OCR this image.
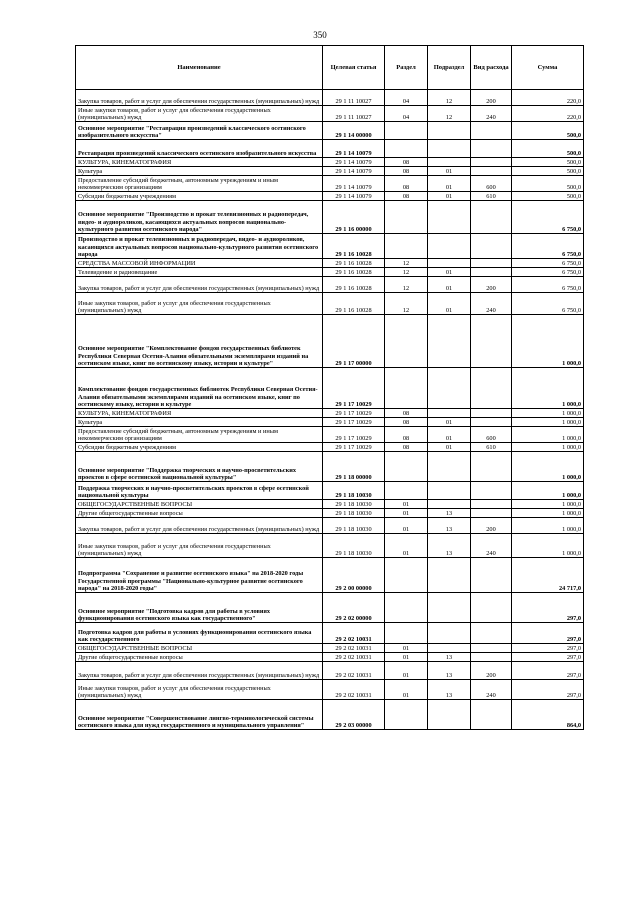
350
Наименование	Целевая статья	Раздел	Подраздел	Вид расхода	Сумма
Закупка товаров, работ и услуг для обеспечения государственных (муниципальных) нужд	29 1 11 10027	04	12	200	220,0
Иные закупки товаров, работ и услуг для обеспечения государственных (муниципальных) нужд	29 1 11 10027	04	12	240	220,0
Основное мероприятие "Реставрация произведений классического осетинского изобразительного искусства"	29 1 14 00000				500,0
Реставрация произведений классического осетинского изобразительного искусства	29 1 14 10079				500,0
КУЛЬТУРА, КИНЕМАТОГРАФИЯ	29 1 14 10079	08			500,0
Культура	29 1 14 10079	08	01		500,0
Предоставление субсидий бюджетным, автономным учреждениям и иным некоммерческим организациям	29 1 14 10079	08	01	600	500,0
Субсидии бюджетным учреждениям	29 1 14 10079	08	01	610	500,0
Основное мероприятие "Производство и прокат телевизионных и радиопередач, видео- и аудиороликов, касающихся актуальных вопросов национально-культурного развития осетинского народа"	29 1 16 00000				6 750,0
Производство и прокат телевизионных и радиопередач, видео- и аудиороликов, касающихся актуальных вопросов национально-культурного развития осетинского народа	29 1 16 10028				6 750,0
СРЕДСТВА МАССОВОЙ ИНФОРМАЦИИ	29 1 16 10028	12			6 750,0
Телевидение и радиовещание	29 1 16 10028	12	01		6 750,0
Закупка товаров, работ и услуг для обеспечения государственных (муниципальных) нужд	29 1 16 10028	12	01	200	6 750,0
Иные закупки товаров, работ и услуг для обеспечения государственных (муниципальных) нужд	29 1 16 10028	12	01	240	6 750,0
Основное мероприятие "Комплектование фондов государственных библиотек Республики Северная Осетия-Алания обязательными экземплярами изданий на осетинском языке, книг по осетинскому языку, истории и культуре"	29 1 17 00000				1 000,0
Комплектование фондов государственных библиотек Республики Северная Осетия-Алания обязательными экземплярами изданий на осетинском языке, книг по осетинскому языку, истории и культуре	29 1 17 10029				1 000,0
КУЛЬТУРА, КИНЕМАТОГРАФИЯ	29 1 17 10029	08			1 000,0
Культура	29 1 17 10029	08	01		1 000,0
Предоставление субсидий бюджетным, автономным учреждениям и иным некоммерческим организациям	29 1 17 10029	08	01	600	1 000,0
Субсидии бюджетным учреждениям	29 1 17 10029	08	01	610	1 000,0
Основное мероприятие "Поддержка творческих и научно-просветительских проектов в сфере осетинской национальной культуры"	29 1 18 00000				1 000,0
Поддержка творческих и научно-просветительских проектов в сфере осетинской национальной культуры	29 1 18 10030				1 000,0
ОБЩЕГОСУДАРСТВЕННЫЕ ВОПРОСЫ	29 1 18 10030	01			1 000,0
Другие общегосударственные вопросы	29 1 18 10030	01	13		1 000,0
Закупка товаров, работ и услуг для обеспечения государственных (муниципальных) нужд	29 1 18 10030	01	13	200	1 000,0
Иные закупки товаров, работ и услуг для обеспечения государственных (муниципальных) нужд	29 1 18 10030	01	13	240	1 000,0
Подпрограмма "Сохранение и развитие осетинского языка" на 2018-2020 годы Государственной программы "Национально-культурное развитие осетинского народа" на 2018-2020 годы"	29 2 00 00000				24 717,0
Основное мероприятие "Подготовка кадров для работы в условиях функционирования осетинского языка как государственного"	29 2 02 00000				297,0
Подготовка кадров для работы в условиях функционирования осетинского языка как государственного	29 2 02 10031				297,0
ОБЩЕГОСУДАРСТВЕННЫЕ ВОПРОСЫ	29 2 02 10031	01			297,0
Другие общегосударственные вопросы	29 2 02 10031	01	13		297,0
Закупка товаров, работ и услуг для обеспечения государственных (муниципальных) нужд	29 2 02 10031	01	13	200	297,0
Иные закупки товаров, работ и услуг для обеспечения государственных (муниципальных) нужд	29 2 02 10031	01	13	240	297,0
Основное мероприятие "Совершенствование лингво-терминологической системы осетинского языка для нужд государственного и муниципального управления"	29 2 03 00000				864,0
